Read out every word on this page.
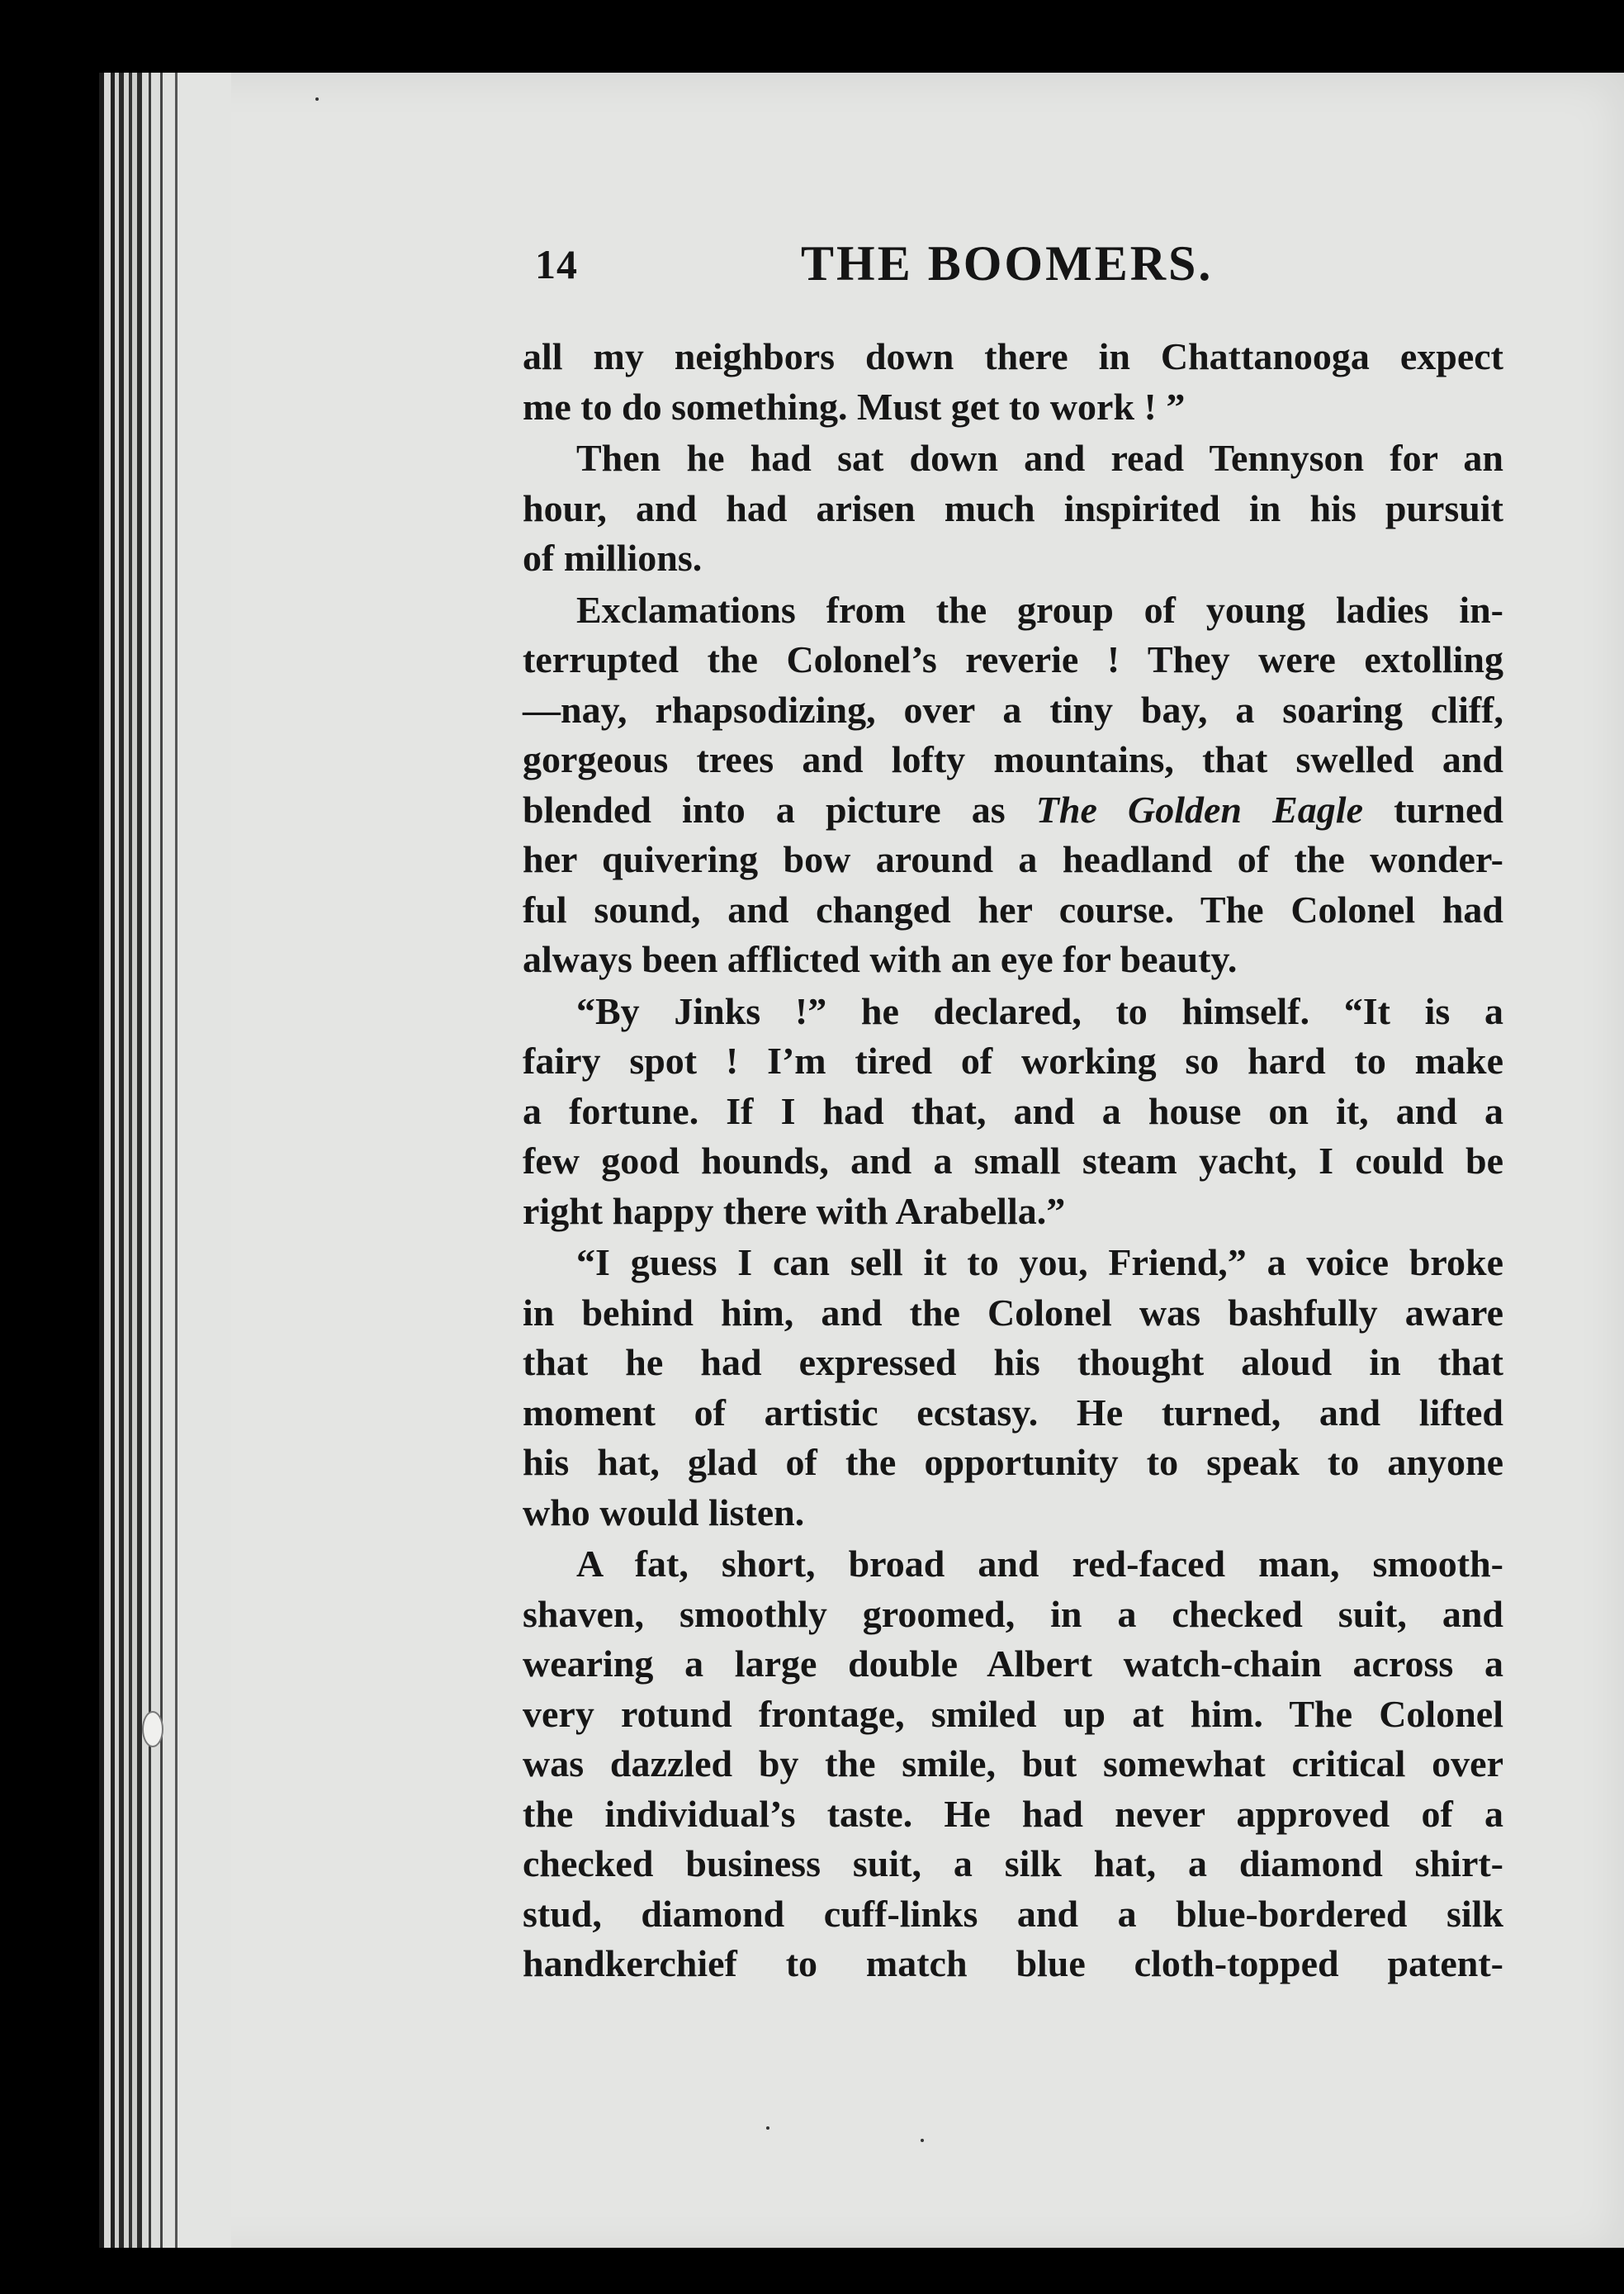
14	THE BOOMERS.
all my neighbors down there in Chattanooga expect
me to do something. Must get to work ! ”
Then he had sat down and read Tennyson for an
hour, and had arisen much inspirited in his pursuit
of millions.
Exclamations from the group of young ladies in-
terrupted the Colonel’s reverie ! They were extolling
—nay, rhapsodizing, over a tiny bay, a soaring cliff,
gorgeous trees and lofty mountains, that swelled and
blended into a picture as The Golden Eagle turned
her quivering bow around a headland of the wonder-
ful sound, and changed her course. The Colonel had
always been afflicted with an eye for beauty.
“By Jinks !” he declared, to himself. “It is a
fairy spot ! I’m tired of working so hard to make
a fortune. If I had that, and a house on it, and a
few good hounds, and a small steam yacht, I could be
right happy there with Arabella.”
“I guess I can sell it to you, Friend,” a voice broke
in behind him, and the Colonel was bashfully aware
that he had expressed his thought aloud in that
moment of artistic ecstasy. He turned, and lifted
his hat, glad of the opportunity to speak to anyone
who would listen.
A fat, short, broad and red-faced man, smooth-
shaven, smoothly groomed, in a checked suit, and
wearing a large double Albert watch-chain across a
very rotund frontage, smiled up at him. The Colonel
was dazzled by the smile, but somewhat critical over
the individual’s taste. He had never approved of a
checked business suit, a silk hat, a diamond shirt-
stud, diamond cuff-links and a blue-bordered silk
handkerchief to match blue cloth-topped patent-
